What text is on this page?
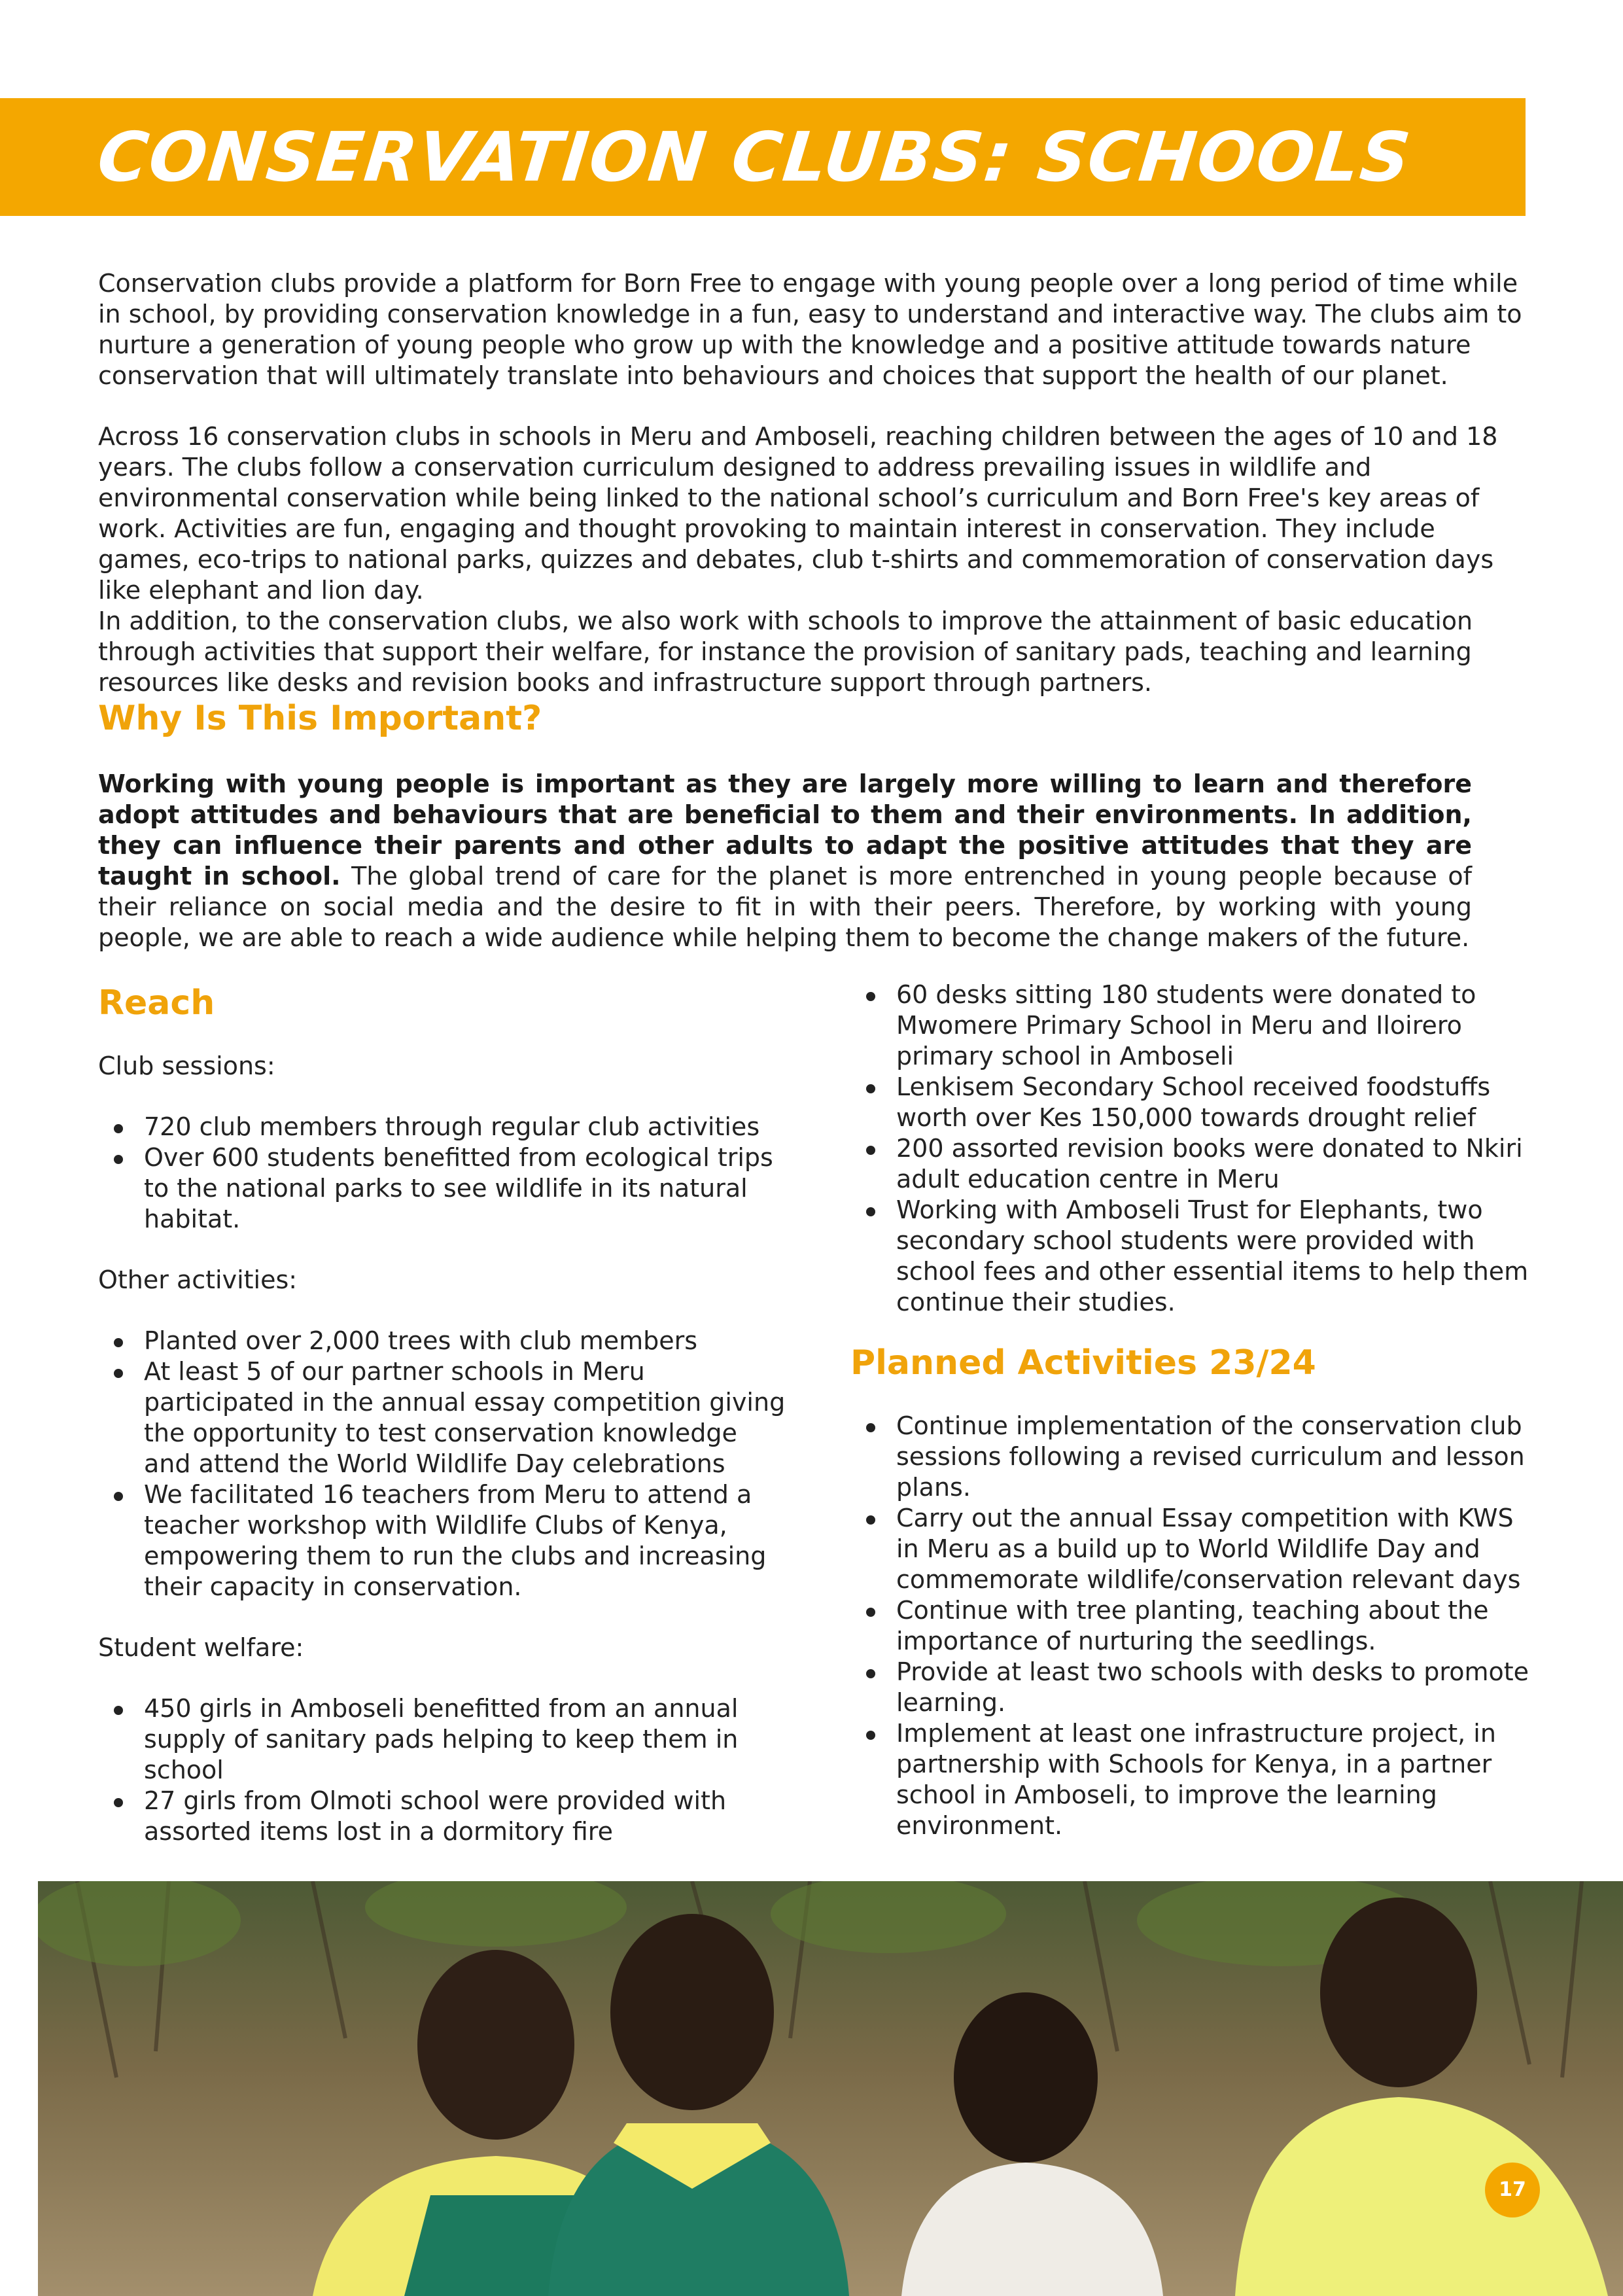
CONSERVATION CLUBS: SCHOOLS

Conservation clubs provide a platform for Born Free to engage with young people over a long period of time while in school, by providing conservation knowledge in a fun, easy to understand and interactive way. The clubs aim to nurture a generation of young people who grow up with the knowledge and a positive attitude towards nature conservation that will ultimately translate into behaviours and choices that support the health of our planet.

Across 16 conservation clubs in schools in Meru and Amboseli, reaching children between the ages of 10 and 18 years. The clubs follow a conservation curriculum designed to address prevailing issues in wildlife and environmental conservation while being linked to the national school’s curriculum and Born Free's key areas of work. Activities are fun, engaging and thought provoking to maintain interest in conservation. They include games, eco-trips to national parks, quizzes and debates, club t-shirts and commemoration of conservation days like elephant and lion day.

In addition, to the conservation clubs, we also work with schools to improve the attainment of basic education through activities that support their welfare, for instance the provision of sanitary pads, teaching and learning resources like desks and revision books and infrastructure support through partners.

Why Is This Important?

Working with young people is important as they are largely more willing to learn and therefore adopt attitudes and behaviours that are beneficial to them and their environments. In addition, they can influence their parents and other adults to adapt the positive attitudes that they are taught in school. The global trend of care for the planet is more entrenched in young people because of their reliance on social media and the desire to fit in with their peers. Therefore, by working with young people, we are able to reach a wide audience while helping them to become the change makers of the future.

Reach

Club sessions:

720 club members through regular club activities
Over 600 students benefitted from ecological trips to the national parks to see wildlife in its natural habitat.

Other activities:

Planted over 2,000 trees with club members
At least 5 of our partner schools in Meru participated in the annual essay competition giving the opportunity to test conservation knowledge and attend the World Wildlife Day celebrations
We facilitated 16 teachers from Meru to attend a teacher workshop with Wildlife Clubs of Kenya, empowering them to run the clubs and increasing their capacity in conservation.

Student welfare:

450 girls in Amboseli benefitted from an annual supply of sanitary pads helping to keep them in school
27 girls from Olmoti school were provided with assorted items lost in a dormitory fire
60 desks sitting 180 students were donated to Mwomere Primary School in Meru and Iloirero primary school in Amboseli
Lenkisem Secondary School received foodstuffs worth over Kes 150,000 towards drought relief
200 assorted revision books were donated to Nkiri adult education centre in Meru
Working with Amboseli Trust for Elephants, two secondary school students were provided with school fees and other essential items to help them continue their studies.
Planned Activities 23/24
Continue implementation of the conservation club sessions following a revised curriculum and lesson plans.
Carry out the annual Essay competition with KWS in Meru as a build up to World Wildlife Day and commemorate wildlife/conservation relevant days
Continue with tree planting, teaching about the importance of nurturing the seedlings.
Provide at least two schools with desks to promote learning.
Implement at least one infrastructure project, in partnership with Schools for Kenya, in a partner school in Amboseli, to improve the learning environment.
17
